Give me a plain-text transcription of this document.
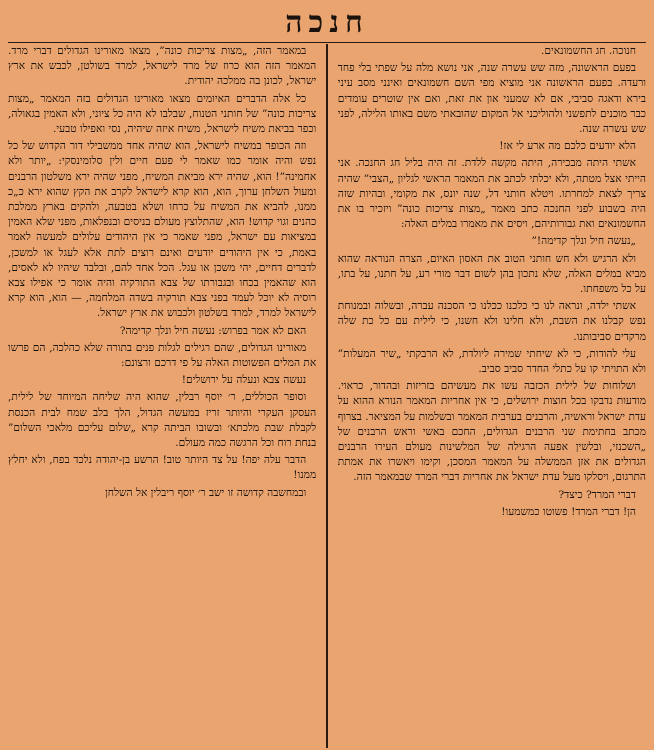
חנכה

במאמר הזה, „מצות צריכות כונה”, מצאו מאורינו הגדולים דברי מרד. המאמר הזה הוא כרוז של מרד לישראל, למרד בשולטן, לכבש את ארץ ישראל, לכונן בה ממלכה יהודית.

כל אלה הדברים האיומים מצאו מאורינו הגדולים בזה המאמר „מצות צריכות כונה” של חותני הטנוח, שבלבו לא היה כל ציוני, ולא האמין בגאולה, וכפר בביאת משיח לישראל, משיח איזה שיהיה, נסי ואפילו טבעי.

וזה הכופר במשיח לישראל, הוא שהיה אחד ממשבילי דור הקדוש של כל נפש והיה אומר כמו שאמר לי פעם חיים ולין סלומינסקי: „יותר ולא אחמינה”! הוא, שהיה ירא מביאת המשיח, מפני שהיה ירא משלטון הרבנים ומעול השלחן ערוך, הוא, הוא קרא לישראל לקרב את הקץ שהוא ירא כ„כ ממנו, להביא את המשיח על כרחו ושלא בטבעה, ולהקים בארץ ממלכת כהנים וגוי קדוש! הוא, שהתלוצץ מעולם בניסים ובנפלאות, מפני שלא האמין במציאות עם ישראל, מפני שאמר כי אין היהודים עלולים למעשה לאמר באמת, כי אין היהודים יודעים ואינם רוצים לתת אלא לעגל או למשכן, לדברים דחיים, יהי משכן או עגל. הכל אחד להם, ובלבד שיהיו לא לאסים, הוא שהאמין בכחו ובגבורתו של צבא התורקיה והיה אומר כי אפילו צבא רוסיה לא יוכל לעמד בפני צבא תורקיה בשדה המלחמה, — הוא, הוא קרא לישראל למרד, למרד בשלטון ולכבוש את ארץ ישראל.

האם לא אמר בפרוש: נעשה חיל ונלך קדימה?

מאורינו הגדולים, שהם רגילים לגלות פנים בתורה שלא כהלכה, הם פרשו את המלים הפשוטות האלה על פי דרכם ורצונם:

נעשה צבא ונעלה על ירושלים!

וסופר הכוללים, ר׳ יוסף רבלין, שהוא היה שליחה המיוחד של לילית, העסקן העקרי והיותר זריז במעשה הגדול, הלך בלב שמח לבית הכנסת לקבלת שבת מלכתא׳ ובשובו הביתה קרא „שלום עליכם מלאכי השלום” בנחת רוח וכל הרגשה כמה מעולם.

הדבר עלה יפה! על צד היותר טוב! הרשע בן-יהודה נלכד בפח, ולא יחלץ ממנו!

ובמחשבה קדושה זו ישב ר׳ יוסף ריבלין אל השלחן

חנוכה. חג החשמונאים.

בפעם הראשונה, מזה שש עשרה שנה, אני נושא מלה על שפתי בלי פחד ורעדה. בפעם הראשונה אני מוציא מפי השם חשמונאים ואינני מסב עיני בירא ודאגה סביבי, אם לא שמעני און את זאת, ואם אין שוטרים עומדים כבר מוכנים לתפשני ולהוליכני אל המקום שהובאתי משם באותו הלילה, לפני שש עשרה שנה.

הלא יודעים כלכם מה ארע לי אז!

אשתי היתה מבכירה, היתה מקשה ללדת. זה היה בליל חג החנכה. אני הייתי אצל מטתה, ולא יכלתי לכתב את המאמר הראשי לגליון „הצבי” שהיה צריך לצאת למחרתו. ויטלא חותני דל, שנה יונס, את מקומי, ובהיות שזה היה בשבוע לפני החנכה כתב מאמר „מצות צריכות כונה” ויזכיר בו את החשמונאים ואת גבורותיהם, ויסים את מאמרו במלים האלה:

„נעשה חיל ונלך קדימה!”

ולא הרגיש ולא חש חותני הטוב את האסון האיום, הצרה הנוראה שהוא מביא במלים האלה, שלא נתכון בהן לשום דבר מורי רע, על חתנו, על בתו, על כל משפחתו.

אשתי ילדה, ונראה לנו כי כלכנו ככלנו כי הסכנה עברה, ובשלוה ובמנוחת נפש קבלנו את השבת, ולא חלינו ולא חשנו, כי לילית עם כל כת שלה מרקדים סביבותנו.

עלי להודות, כי לא שיחתי שמירה ליולדת, לא הרבקתי „שיר המעלות” ולא התויתי קו על כתלי החדר סביב סביב.

ושלוחות של לילית הכזבה עשו את מעשיהם בזריזות ובהדור, כראוי. מודעות נדבקו בכל חוצות ירושלים, כי אין אחריות המאמר הנורא ההוא על עדת ישראל וראשיה, והרבנים בערבית המאמר ובשלמות על המציאר. בצרוף מכתב בחתימת שני הרבנים הגדולים, החכם באשי וראש הרבנים של „השכנזי, ובלשין אפעה הרגילה של המלשינות מעולם העירו הרבנים הגדולים את אזן הממשלה על המאמר המסכן, וקימו ויאשרו את אמתת התרגום, ויסלקו מעל עדת ישראל את אחריות דברי המרד שבמאמר הזה.

דברי המרד? כיצד?

הן! דברי המרד! פשוטו כמשמעו!
